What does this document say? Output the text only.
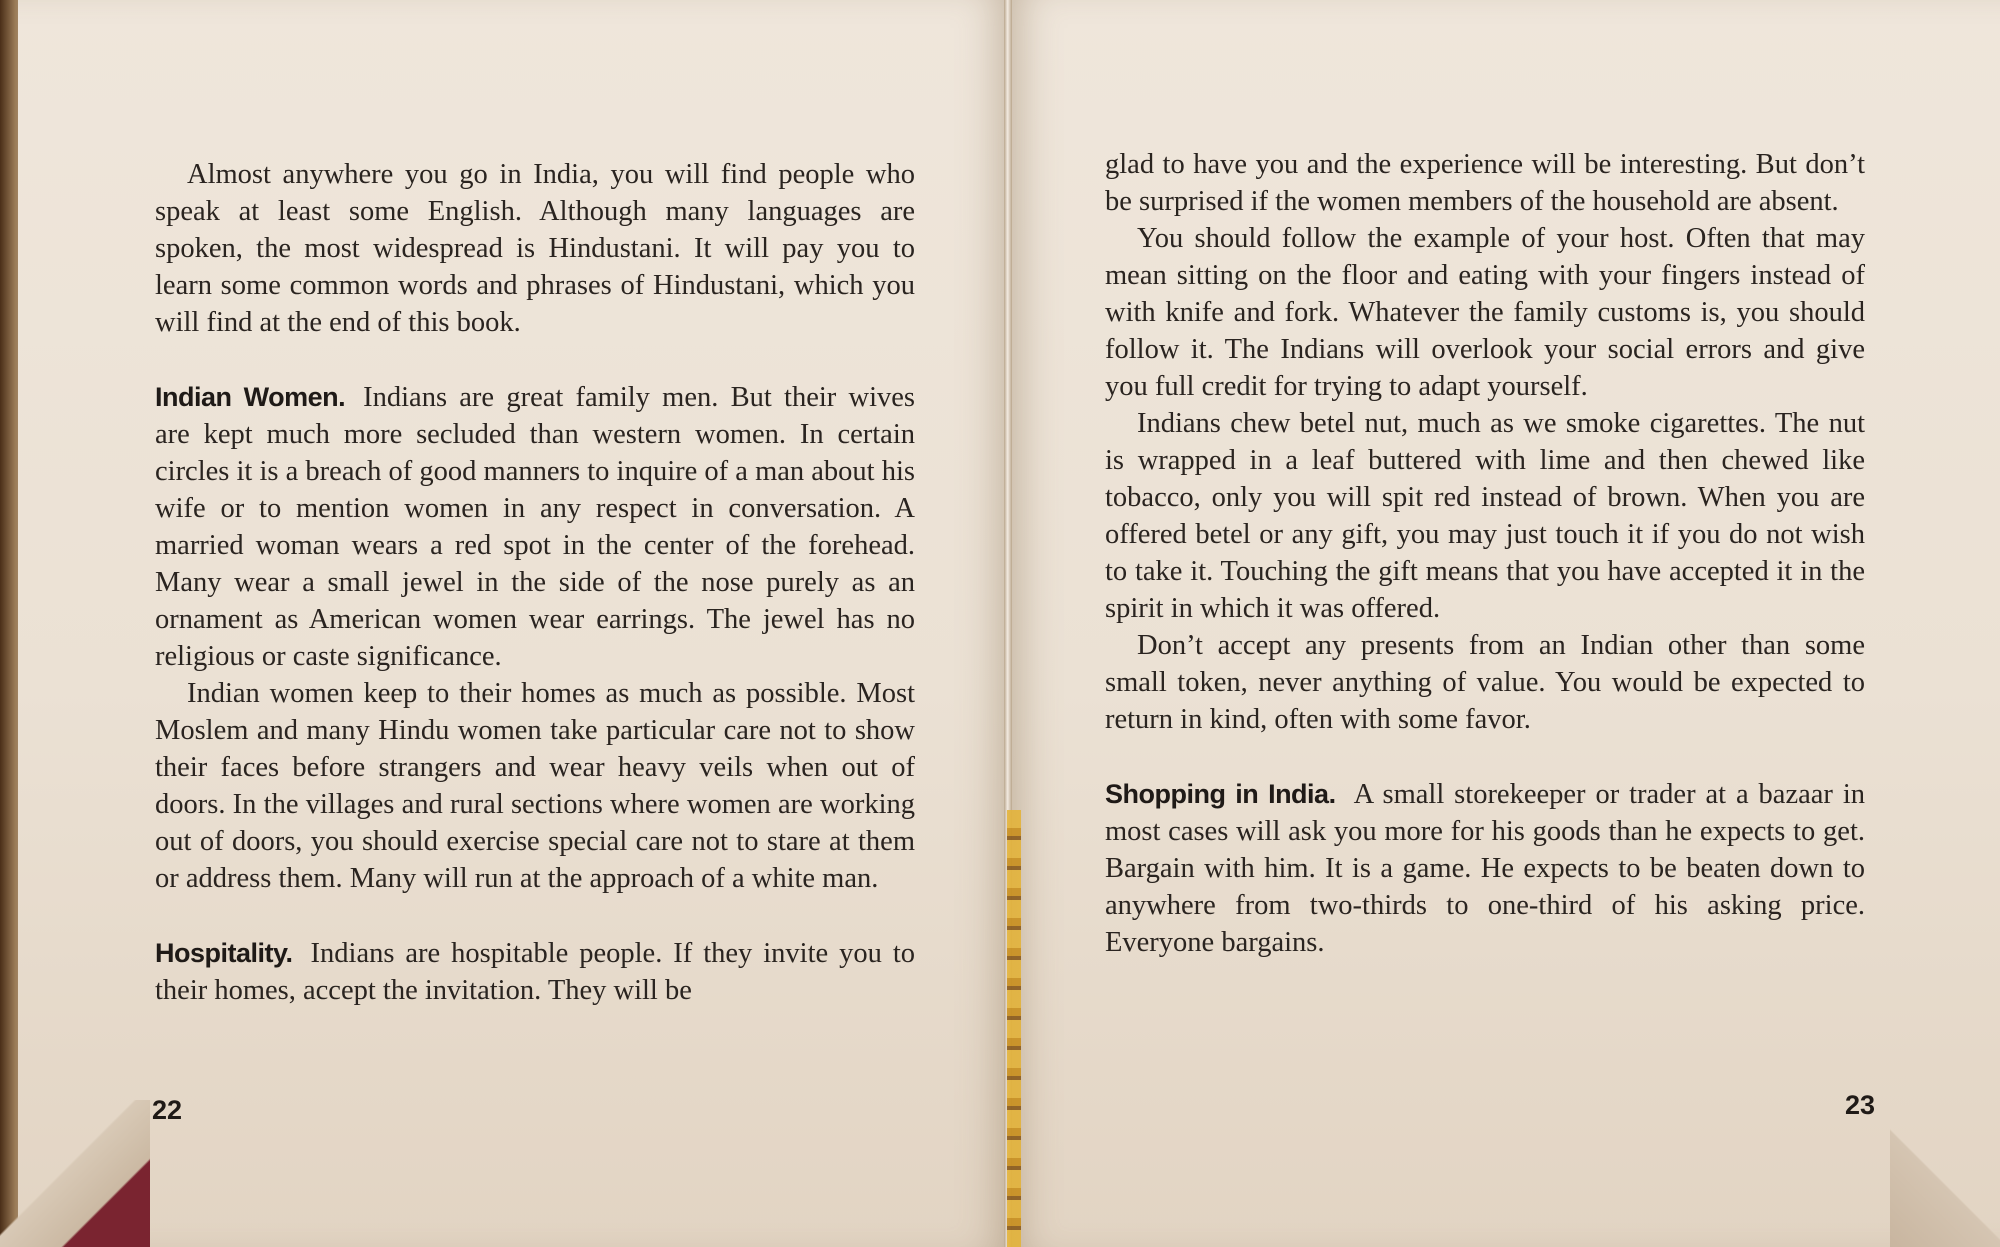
Almost anywhere you go in India, you will find people who speak at least some English. Although many languages are spoken, the most widespread is Hindustani. It will pay you to learn some common words and phrases of Hindustani, which you will find at the end of this book.

Indian Women. Indians are great family men. But their wives are kept much more secluded than western women. In certain circles it is a breach of good manners to inquire of a man about his wife or to mention women in any respect in conversation. A married woman wears a red spot in the center of the forehead. Many wear a small jewel in the side of the nose purely as an ornament as American women wear earrings. The jewel has no religious or caste significance.

Indian women keep to their homes as much as possible. Most Moslem and many Hindu women take particular care not to show their faces before strangers and wear heavy veils when out of doors. In the villages and rural sections where women are working out of doors, you should exercise special care not to stare at them or address them. Many will run at the approach of a white man.

Hospitality. Indians are hospitable people. If they invite you to their homes, accept the invitation. They will be

22

glad to have you and the experience will be interesting. But don’t be surprised if the women members of the household are absent.

You should follow the example of your host. Often that may mean sitting on the floor and eating with your fingers instead of with knife and fork. Whatever the family customs is, you should follow it. The Indians will overlook your social errors and give you full credit for trying to adapt yourself.

Indians chew betel nut, much as we smoke cigarettes. The nut is wrapped in a leaf buttered with lime and then chewed like tobacco, only you will spit red instead of brown. When you are offered betel or any gift, you may just touch it if you do not wish to take it. Touching the gift means that you have accepted it in the spirit in which it was offered.

Don’t accept any presents from an Indian other than some small token, never anything of value. You would be expected to return in kind, often with some favor.

Shopping in India. A small storekeeper or trader at a bazaar in most cases will ask you more for his goods than he expects to get. Bargain with him. It is a game. He expects to be beaten down to anywhere from two-thirds to one-third of his asking price. Everyone bargains.

23
